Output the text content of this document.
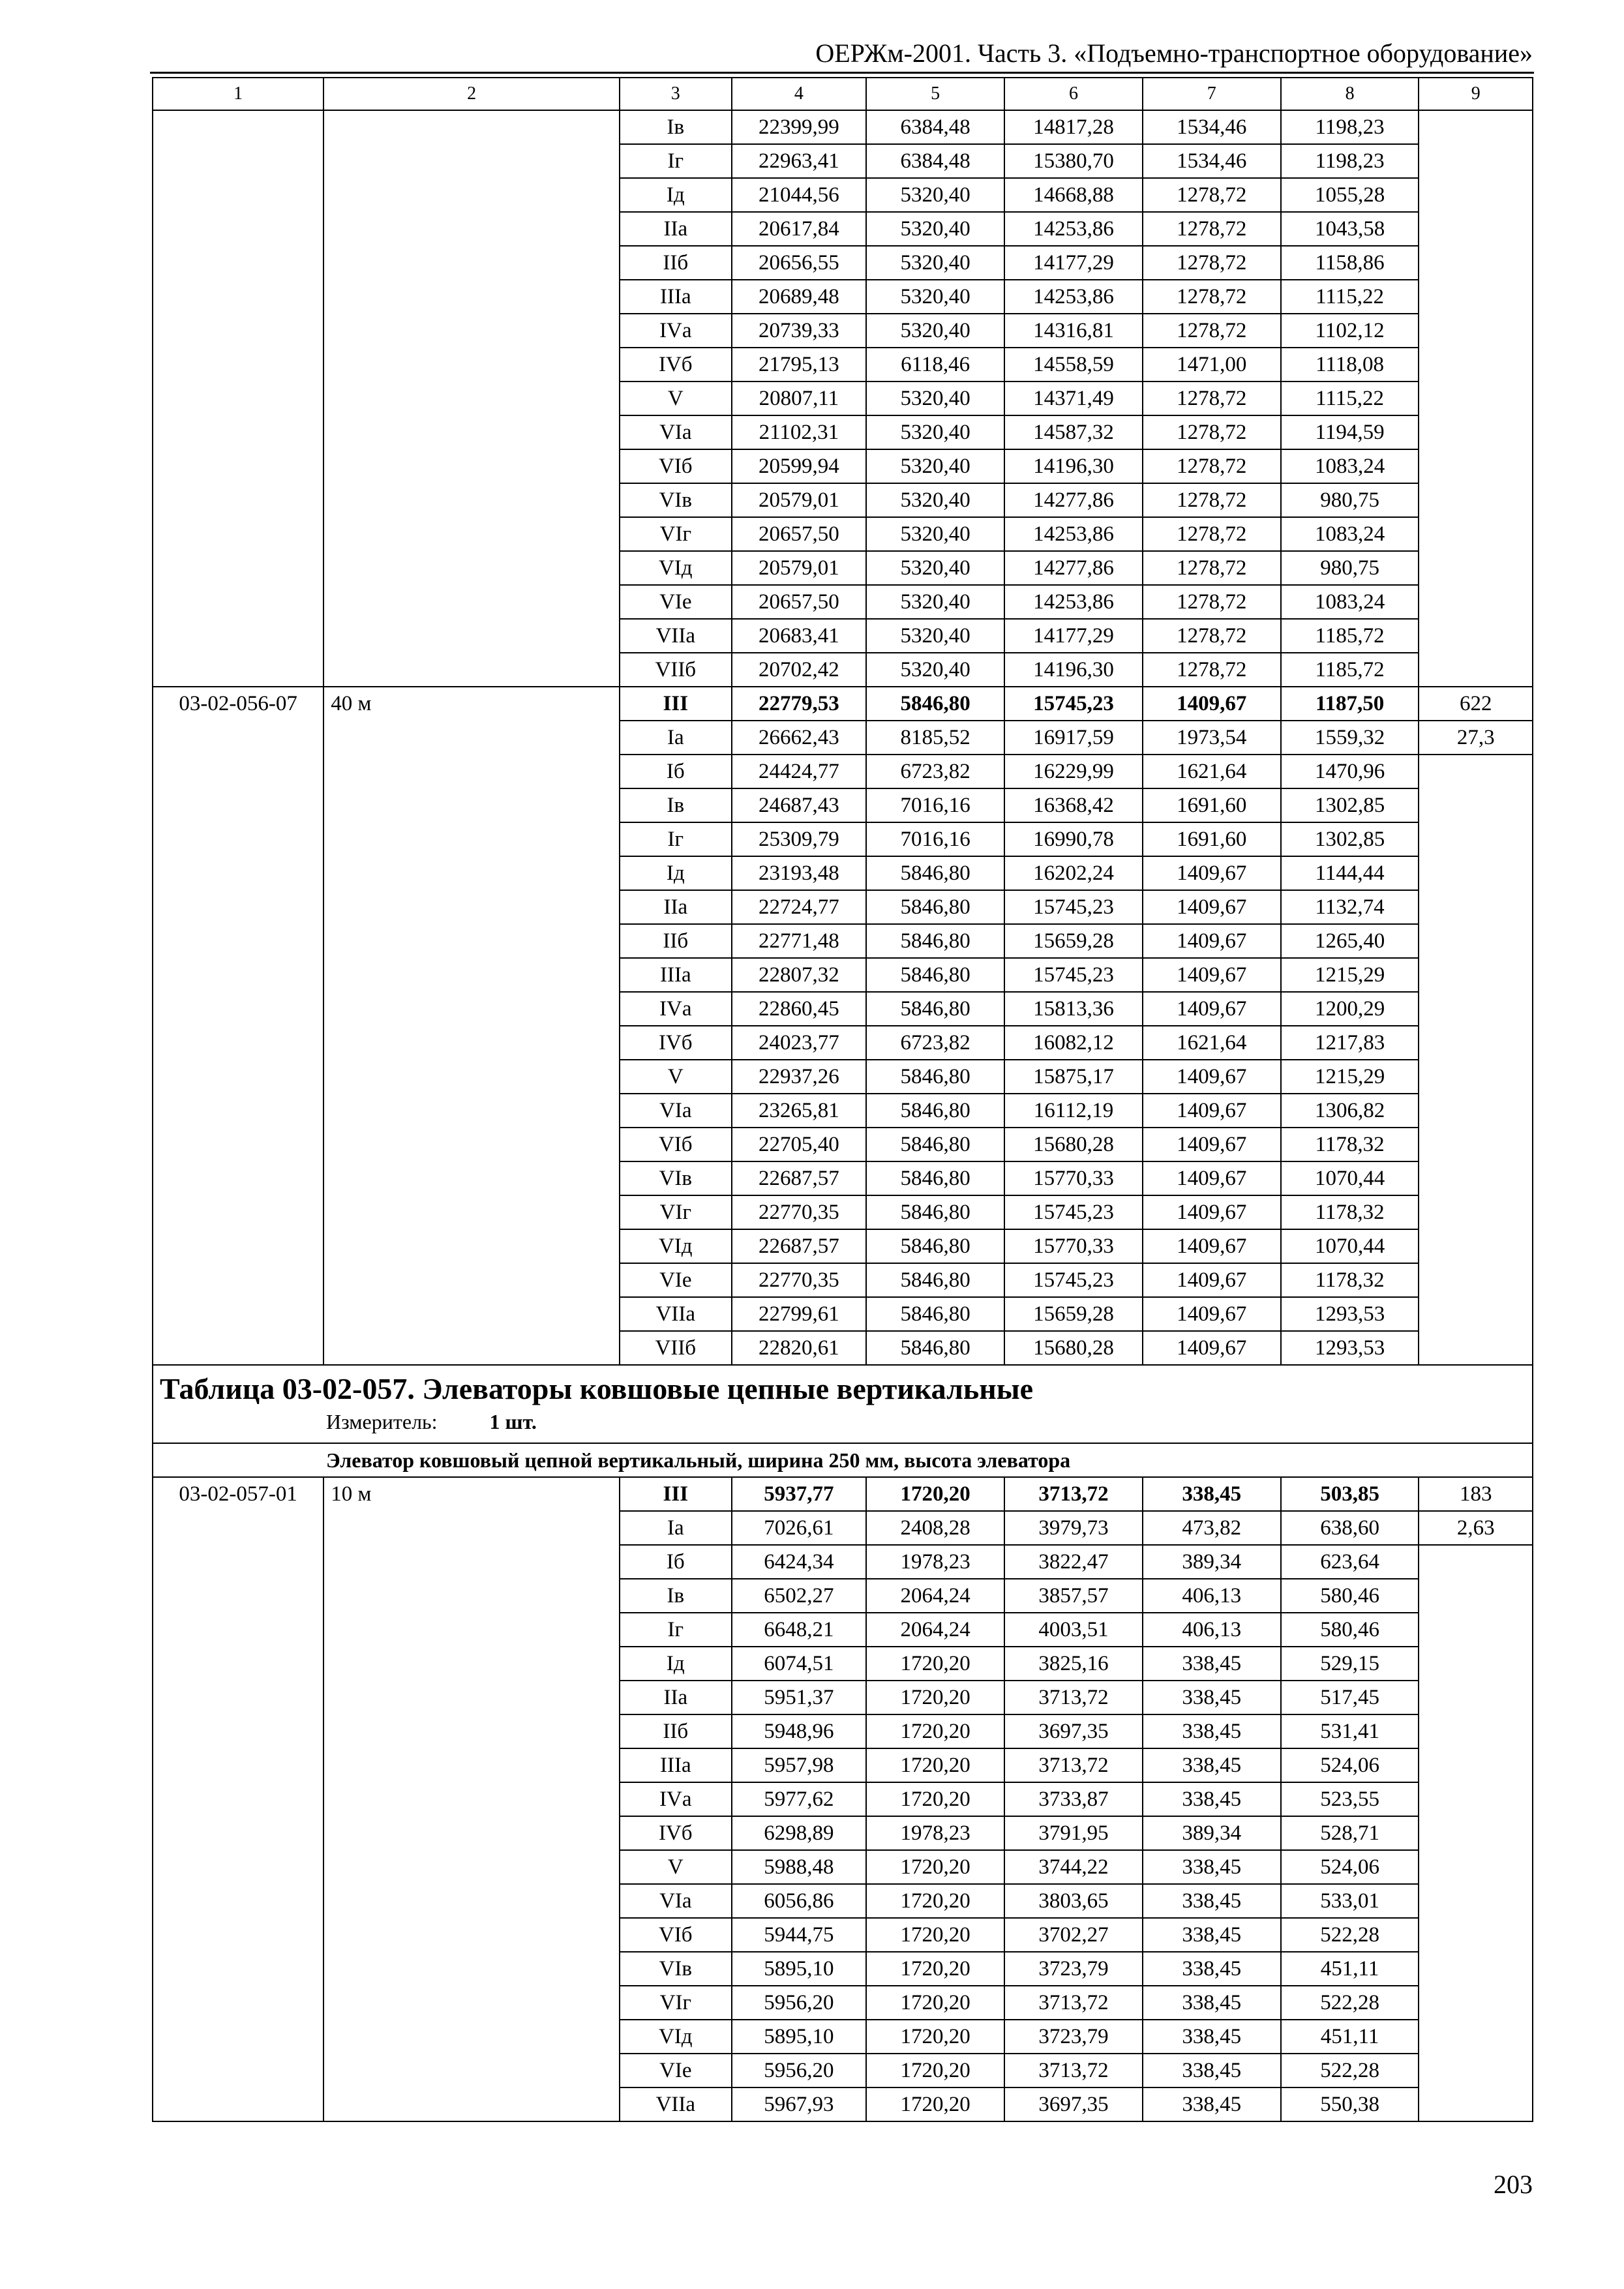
ОЕРЖм-2001. Часть 3. «Подъемно-транспортное оборудование»
1	2	3	4	5	6	7	8	9
		Iв	22399,99	6384,48	14817,28	1534,46	1198,23	
		Iг	22963,41	6384,48	15380,70	1534,46	1198,23	
		Iд	21044,56	5320,40	14668,88	1278,72	1055,28	
		IIа	20617,84	5320,40	14253,86	1278,72	1043,58	
		IIб	20656,55	5320,40	14177,29	1278,72	1158,86	
		IIIа	20689,48	5320,40	14253,86	1278,72	1115,22	
		IVа	20739,33	5320,40	14316,81	1278,72	1102,12	
		IVб	21795,13	6118,46	14558,59	1471,00	1118,08	
		V	20807,11	5320,40	14371,49	1278,72	1115,22	
		VIа	21102,31	5320,40	14587,32	1278,72	1194,59	
		VIб	20599,94	5320,40	14196,30	1278,72	1083,24	
		VIв	20579,01	5320,40	14277,86	1278,72	980,75	
		VIг	20657,50	5320,40	14253,86	1278,72	1083,24	
		VIд	20579,01	5320,40	14277,86	1278,72	980,75	
		VIе	20657,50	5320,40	14253,86	1278,72	1083,24	
		VIIа	20683,41	5320,40	14177,29	1278,72	1185,72	
		VIIб	20702,42	5320,40	14196,30	1278,72	1185,72	
03-02-056-07	40 м	III	22779,53	5846,80	15745,23	1409,67	1187,50	622
		Iа	26662,43	8185,52	16917,59	1973,54	1559,32	27,3
		Iб	24424,77	6723,82	16229,99	1621,64	1470,96	
		Iв	24687,43	7016,16	16368,42	1691,60	1302,85	
		Iг	25309,79	7016,16	16990,78	1691,60	1302,85	
		Iд	23193,48	5846,80	16202,24	1409,67	1144,44	
		IIа	22724,77	5846,80	15745,23	1409,67	1132,74	
		IIб	22771,48	5846,80	15659,28	1409,67	1265,40	
		IIIа	22807,32	5846,80	15745,23	1409,67	1215,29	
		IVа	22860,45	5846,80	15813,36	1409,67	1200,29	
		IVб	24023,77	6723,82	16082,12	1621,64	1217,83	
		V	22937,26	5846,80	15875,17	1409,67	1215,29	
		VIа	23265,81	5846,80	16112,19	1409,67	1306,82	
		VIб	22705,40	5846,80	15680,28	1409,67	1178,32	
		VIв	22687,57	5846,80	15770,33	1409,67	1070,44	
		VIг	22770,35	5846,80	15745,23	1409,67	1178,32	
		VIд	22687,57	5846,80	15770,33	1409,67	1070,44	
		VIе	22770,35	5846,80	15745,23	1409,67	1178,32	
		VIIа	22799,61	5846,80	15659,28	1409,67	1293,53	
		VIIб	22820,61	5846,80	15680,28	1409,67	1293,53	

Таблица 03-02-057. Элеваторы ковшовые цепные вертикальные
Измеритель: 1 шт.								

Элеватор ковшовый цепной вертикальный, ширина 250 мм, высота элеватора								
03-02-057-01	10 м	III	5937,77	1720,20	3713,72	338,45	503,85	183
		Iа	7026,61	2408,28	3979,73	473,82	638,60	2,63
		Iб	6424,34	1978,23	3822,47	389,34	623,64	
		Iв	6502,27	2064,24	3857,57	406,13	580,46	
		Iг	6648,21	2064,24	4003,51	406,13	580,46	
		Iд	6074,51	1720,20	3825,16	338,45	529,15	
		IIа	5951,37	1720,20	3713,72	338,45	517,45	
		IIб	5948,96	1720,20	3697,35	338,45	531,41	
		IIIа	5957,98	1720,20	3713,72	338,45	524,06	
		IVа	5977,62	1720,20	3733,87	338,45	523,55	
		IVб	6298,89	1978,23	3791,95	389,34	528,71	
		V	5988,48	1720,20	3744,22	338,45	524,06	
		VIа	6056,86	1720,20	3803,65	338,45	533,01	
		VIб	5944,75	1720,20	3702,27	338,45	522,28	
		VIв	5895,10	1720,20	3723,79	338,45	451,11	
		VIг	5956,20	1720,20	3713,72	338,45	522,28	
		VIд	5895,10	1720,20	3723,79	338,45	451,11	
		VIе	5956,20	1720,20	3713,72	338,45	522,28	
		VIIа	5967,93	1720,20	3697,35	338,45	550,38	
203
